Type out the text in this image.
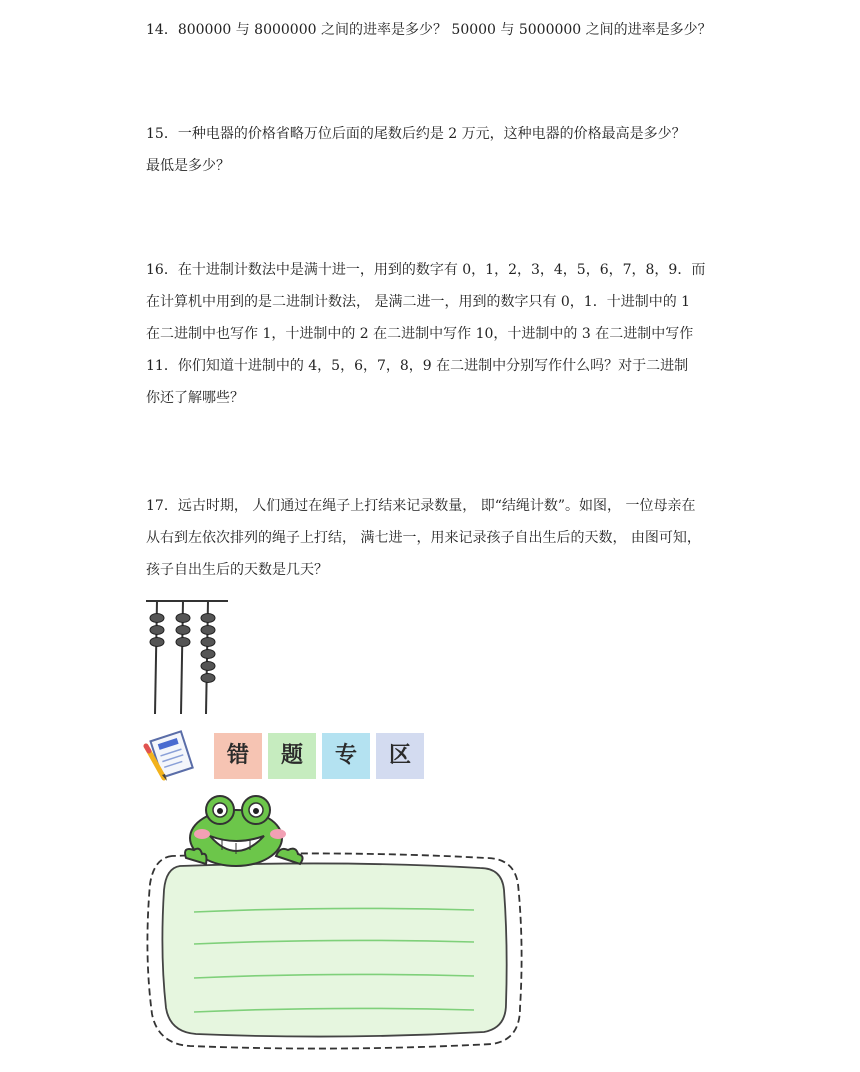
14．800000 与 8000000 之间的进率是多少？ 50000 与 5000000 之间的进率是多少？
15．一种电器的价格省略万位后面的尾数后约是 2 万元，这种电器的价格最高是多少？
最低是多少？
16．在十进制计数法中是满十进一，用到的数字有 0，1，2，3，4，5，6，7，8，9．而
在计算机中用到的是二进制计数法， 是满二进一，用到的数字只有 0，1．十进制中的 1
在二进制中也写作 1，十进制中的 2 在二进制中写作 10，十进制中的 3 在二进制中写作
11．你们知道十进制中的 4，5，6，7，8，9 在二进制中分别写作什么吗？对于二进制
你还了解哪些？
17．远古时期， 人们通过在绳子上打结来记录数量， 即“结绳计数”。如图， 一位母亲在
从右到左依次排列的绳子上打结， 满七进一，用来记录孩子自出生后的天数， 由图可知，
孩子自出生后的天数是几天？
错	题	专	区
